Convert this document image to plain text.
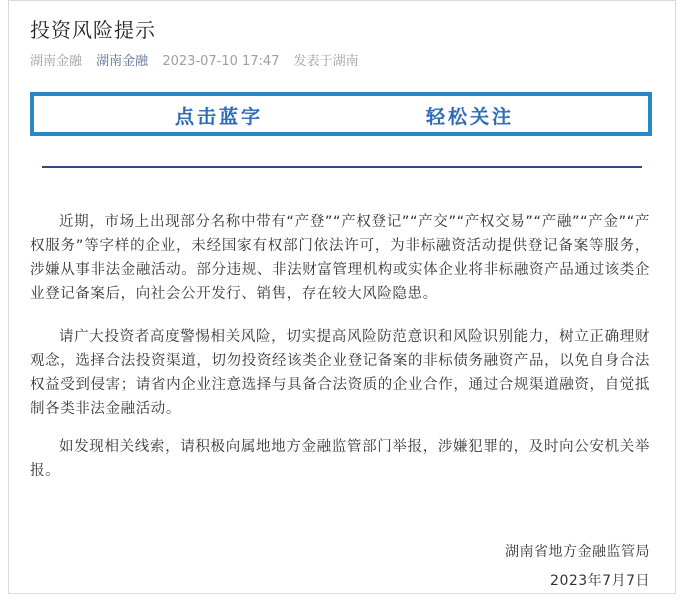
投资风险提示
湖南金融 湖南金融 2023-07-10 17:47 发表于湖南
点击蓝字	轻松关注

近期，市场上出现部分名称中带有“产登”“产权登记”“产交”“产权交易”“产融”“产金”“产权服务”等字样的企业，未经国家有权部门依法许可，为非标融资活动提供登记备案等服务，涉嫌从事非法金融活动。部分违规、非法财富管理机构或实体企业将非标融资产品通过该类企业登记备案后，向社会公开发行、销售，存在较大风险隐患。

请广大投资者高度警惕相关风险，切实提高风险防范意识和风险识别能力，树立正确理财观念，选择合法投资渠道，切勿投资经该类企业登记备案的非标债务融资产品，以免自身合法权益受到侵害；请省内企业注意选择与具备合法资质的企业合作，通过合规渠道融资，自觉抵制各类非法金融活动。

如发现相关线索，请积极向属地地方金融监管部门举报，涉嫌犯罪的，及时向公安机关举报。

湖南省地方金融监管局
2023年7月7日
